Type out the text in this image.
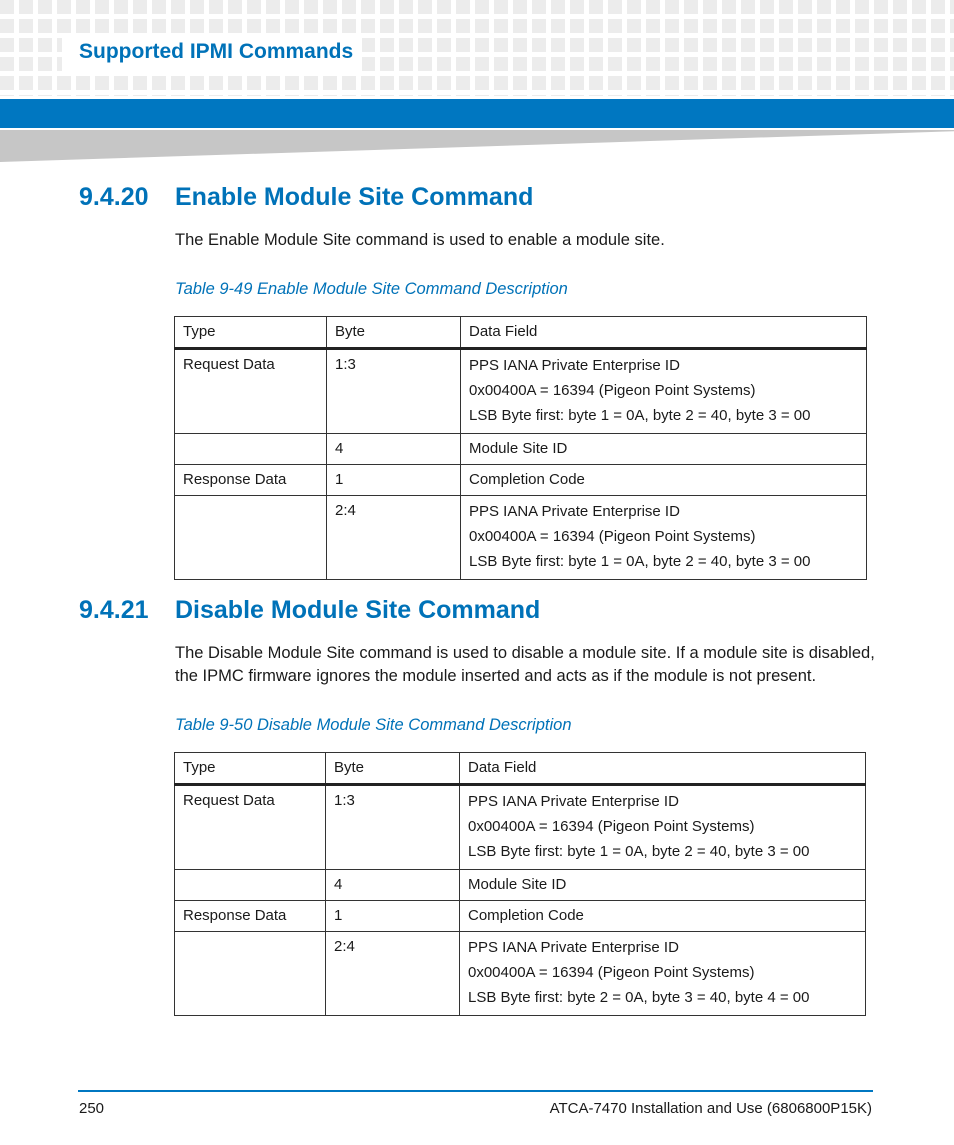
Supported IPMI Commands
9.4.20 Enable Module Site Command

The Enable Module Site command is used to enable a module site.

Table 9-49 Enable Module Site Command Description
Type	Byte	Data Field
Request Data	1:3	PPS IANA Private Enterprise ID
0x00400A = 16394 (Pigeon Point Systems)
LSB Byte first: byte 1 = 0A, byte 2 = 40, byte 3 = 00

	4	Module Site ID

Response Data	1	Completion Code

	2:4	PPS IANA Private Enterprise ID
0x00400A = 16394 (Pigeon Point Systems)
LSB Byte first: byte 1 = 0A, byte 2 = 40, byte 3 = 00
9.4.21 Disable Module Site Command

The Disable Module Site command is used to disable a module site. If a module site is disabled, the IPMC firmware ignores the module inserted and acts as if the module is not present.

Table 9-50 Disable Module Site Command Description
Type	Byte	Data Field
Request Data	1:3	PPS IANA Private Enterprise ID
0x00400A = 16394 (Pigeon Point Systems)
LSB Byte first: byte 1 = 0A, byte 2 = 40, byte 3 = 00

	4	Module Site ID

Response Data	1	Completion Code

	2:4	PPS IANA Private Enterprise ID
0x00400A = 16394 (Pigeon Point Systems)
LSB Byte first: byte 2 = 0A, byte 3 = 40, byte 4 = 00
250	ATCA-7470 Installation and Use (6806800P15K)
